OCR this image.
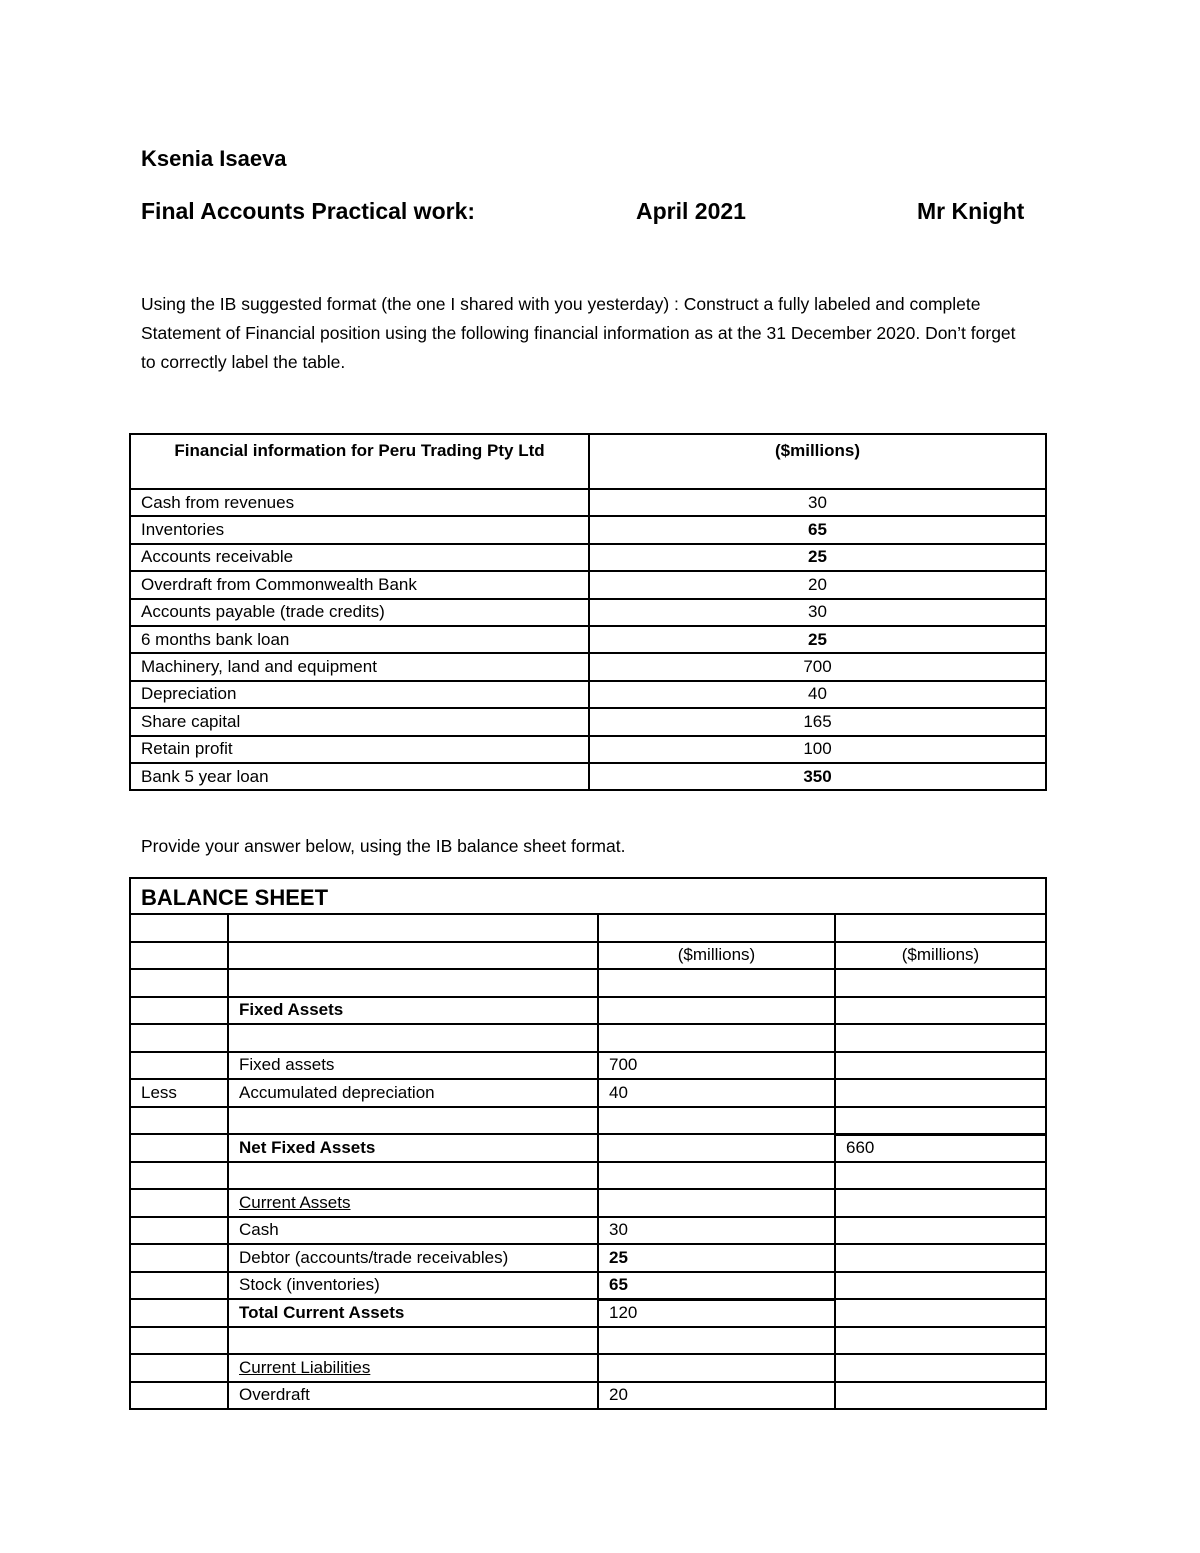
Ksenia Isaeva
Final Accounts Practical work:	April 2021	Mr Knight
Using the IB suggested format (the one I shared with you yesterday) : Construct a fully labeled and complete Statement of Financial position using the following financial information as at the 31 December 2020. Don’t forget to correctly label the table.
Financial information for Peru Trading Pty Ltd	($millions)
Cash from revenues	30
Inventories	65
Accounts receivable	25
Overdraft from Commonwealth Bank	20
Accounts payable (trade credits)	30
6 months bank loan	25
Machinery, land and equipment	700
Depreciation	40
Share capital	165
Retain profit	100
Bank 5 year loan	350
Provide your answer below, using the IB balance sheet format.
BALANCE SHEET			

		($millions)	($millions)

	Fixed Assets		

	Fixed assets	700	
Less	Accumulated depreciation	40	

	Net Fixed Assets		660

	Current Assets		
	Cash	30	
	Debtor (accounts/trade receivables)	25	
	Stock (inventories)	65	
	Total Current Assets	120	

	Current Liabilities		
	Overdraft	20	
